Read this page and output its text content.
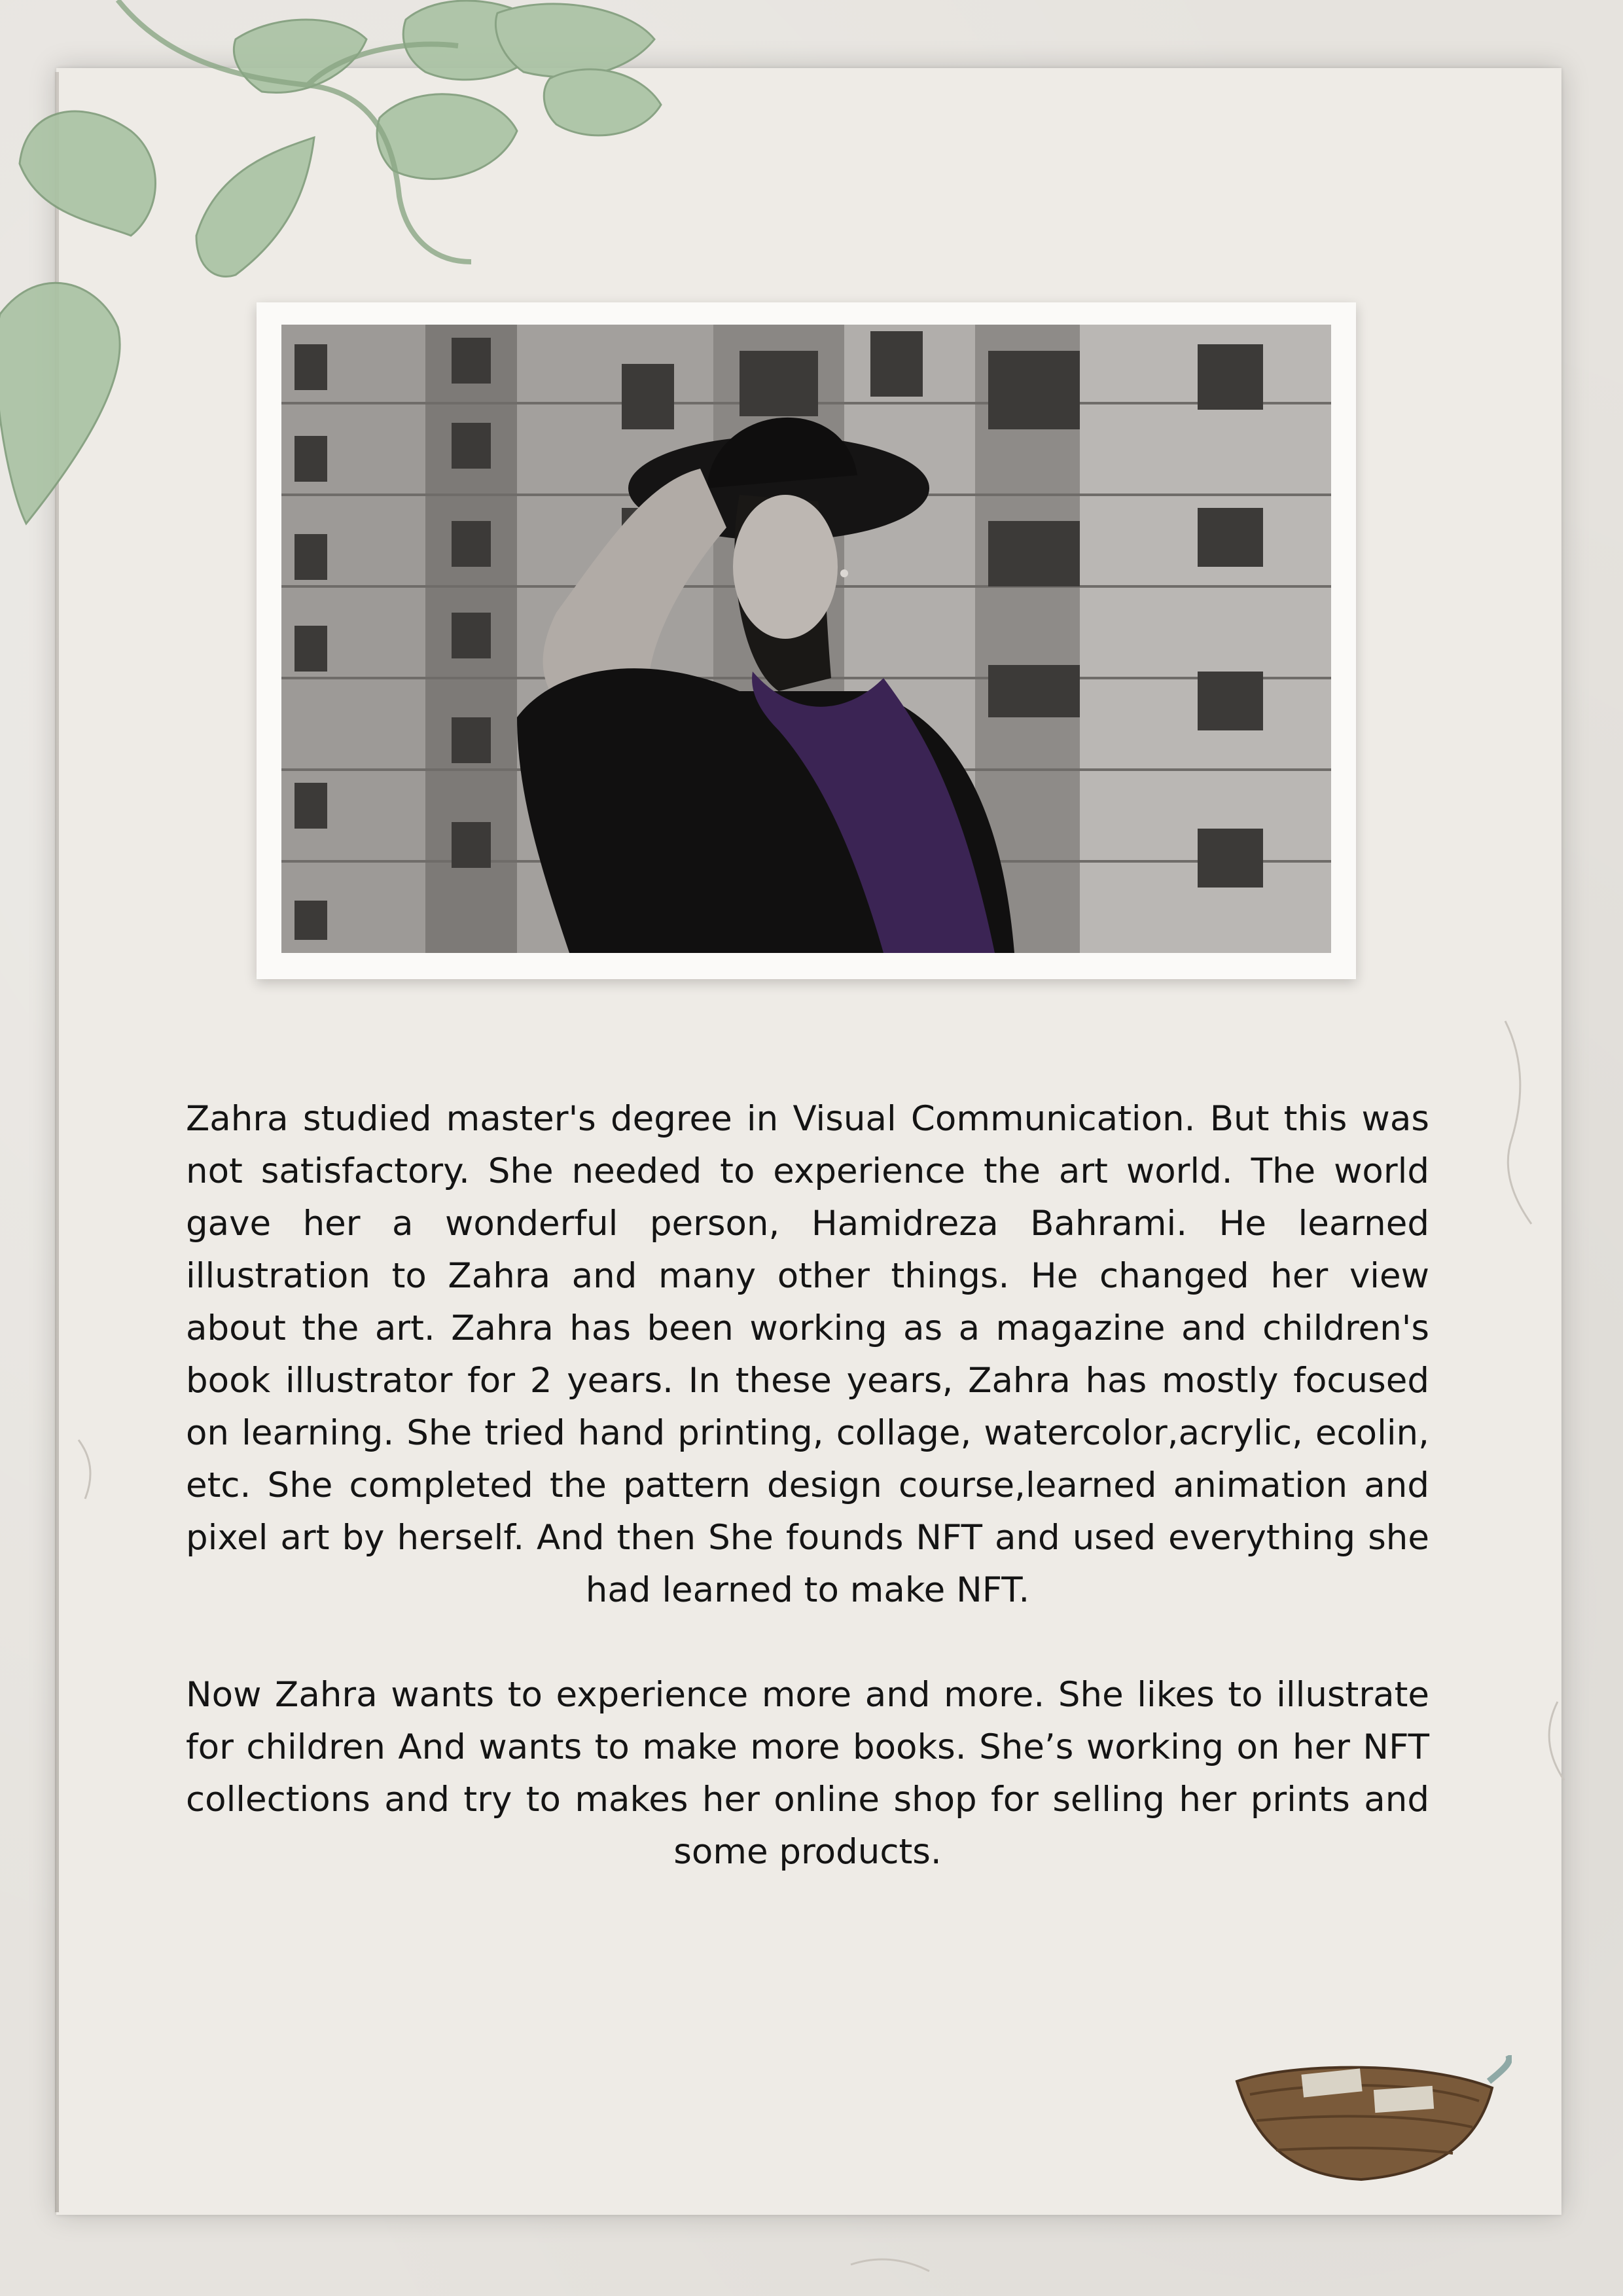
Zahra studied master's degree in Visual Communication. But this was not satisfactory. She needed to experience the art world. The world gave her a wonderful person, Hamidreza Bahrami. He learned illustration to Zahra and many other things. He changed her view about the art. Zahra has been working as a magazine and children's book illustrator for 2 years. In these years, Zahra has mostly focused on learning. She tried hand printing, collage, watercolor,acrylic, ecolin, etc. She completed the pattern design course,learned animation and pixel art by herself. And then She founds NFT and used everything she had learned to make NFT.

Now Zahra wants to experience more and more. She likes to illustrate for children And wants to make more books. She’s working on her NFT collections and try to makes her online shop for selling her prints and some products.
